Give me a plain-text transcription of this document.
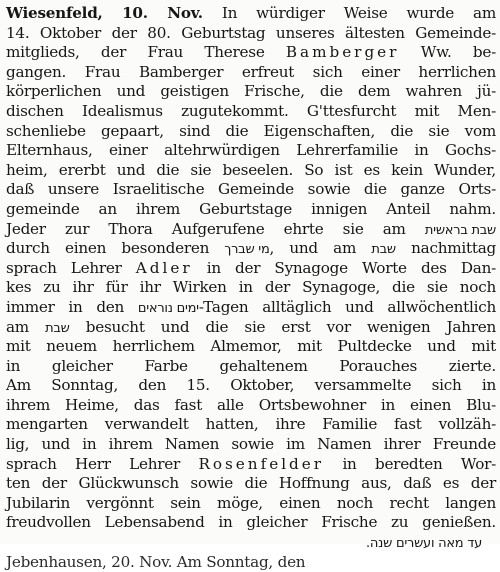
Wiesenfeld, 10. Nov. In würdiger Weise wurde am
14. Oktober der 80. Geburtstag unseres ältesten Gemeinde-
mitglieds, der Frau Therese Bamberger Ww. be-
gangen. Frau Bamberger erfreut sich einer herrlichen
körperlichen und geistigen Frische, die dem wahren jü-
dischen Idealismus zugutekommt. G'ttesfurcht mit Men-
schenliebe gepaart, sind die Eigenschaften, die sie vom
Elternhaus, einer altehrwürdigen Lehrerfamilie in Gochs-
heim, ererbt und die sie beseelen. So ist es kein Wunder,
daß unsere Israelitische Gemeinde sowie die ganze Orts-
gemeinde an ihrem Geburtstage innigen Anteil nahm.
Jeder zur Thora Aufgerufene ehrte sie am שבת בראשית
durch einen besonderen מי שברך, und am שבת nachmittag
sprach Lehrer Adler in der Synagoge Worte des Dan-
kes zu ihr für ihr Wirken in der Synagoge, die sie noch
immer in den ימים נוראים-Tagen alltäglich und allwöchentlich
am שבת besucht und die sie erst vor wenigen Jahren
mit neuem herrlichem Almemor, mit Pultdecke und mit
in gleicher Farbe gehaltenem Porauches zierte.
Am Sonntag, den 15. Oktober, versammelte sich in
ihrem Heime, das fast alle Ortsbewohner in einen Blu-
mengarten verwandelt hatten, ihre Familie fast vollzäh-
lig, und in ihrem Namen sowie im Namen ihrer Freunde
sprach Herr Lehrer Rosenfelder in beredten Wor-
ten der Glückwunsch sowie die Hoffnung aus, daß es der
Jubilarin vergönnt sein möge, einen noch recht langen
freudvollen Lebensabend in gleicher Frische zu genießen.
עד מאה ועשרים שנה.
Jebenhausen, 20. Nov. Am Sonntag, den
